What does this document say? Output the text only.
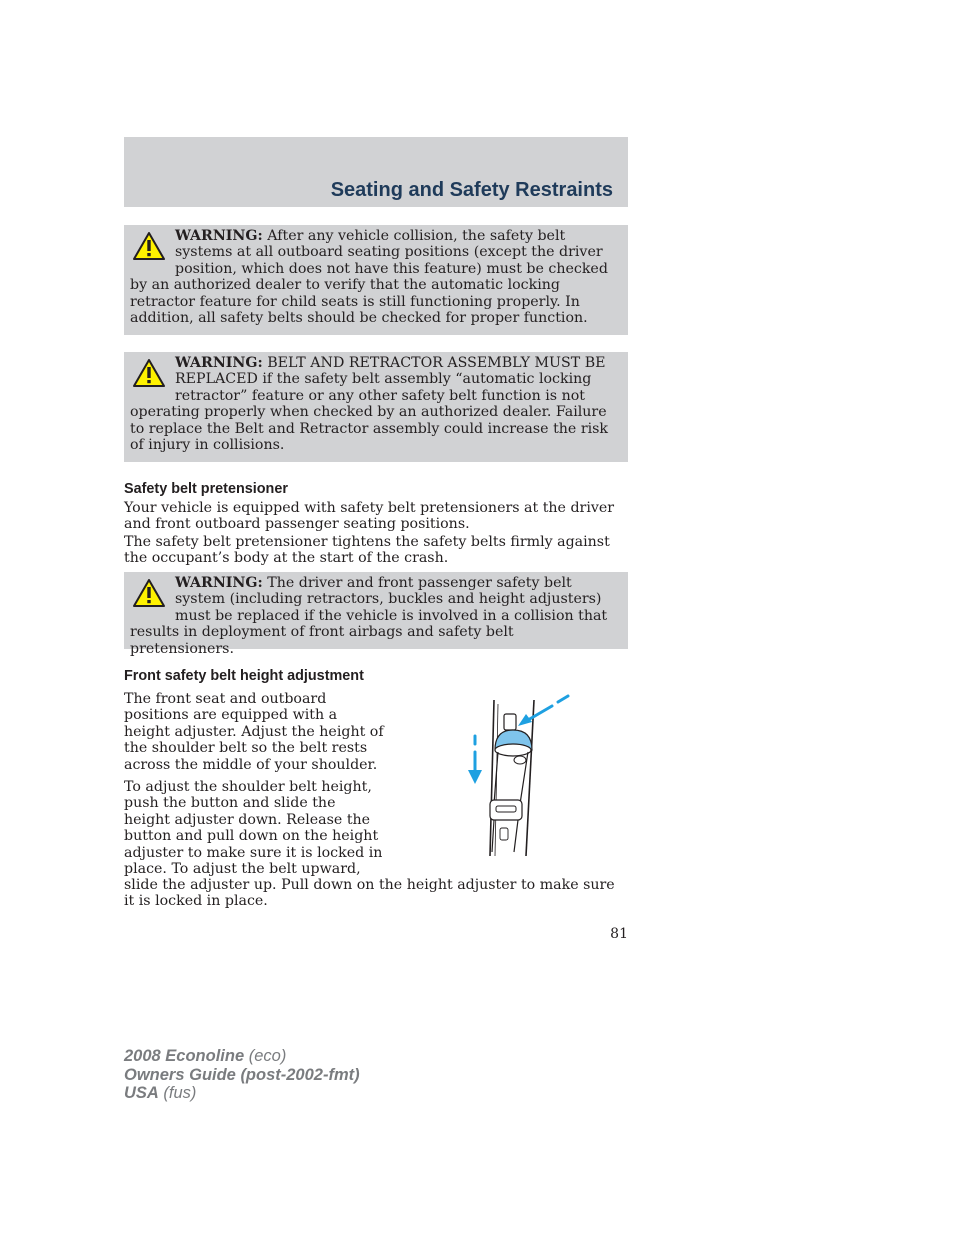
Seating and Safety Restraints
WARNING: After any vehicle collision, the safety belt systems at all outboard seating positions (except the driver position, which does not have this feature) must be checked by an authorized dealer to verify that the automatic locking retractor feature for child seats is still functioning properly. In addition, all safety belts should be checked for proper function.
WARNING: BELT AND RETRACTOR ASSEMBLY MUST BE REPLACED if the safety belt assembly “automatic locking retractor” feature or any other safety belt function is not operating properly when checked by an authorized dealer. Failure to replace the Belt and Retractor assembly could increase the risk of injury in collisions.
Safety belt pretensioner

Your vehicle is equipped with safety belt pretensioners at the driver and front outboard passenger seating positions.

The safety belt pretensioner tightens the safety belts firmly against the occupant’s body at the start of the crash.

WARNING: The driver and front passenger safety belt system (including retractors, buckles and height adjusters) must be replaced if the vehicle is involved in a collision that results in deployment of front airbags and safety belt pretensioners.
Front safety belt height adjustment

The front seat and outboard positions are equipped with a height adjuster. Adjust the height of the shoulder belt so the belt rests across the middle of your shoulder.

To adjust the shoulder belt height, push the button and slide the height adjuster down. Release the button and pull down on the height adjuster to make sure it is locked in place. To adjust the belt upward,

slide the adjuster up. Pull down on the height adjuster to make sure it is locked in place.

81
2008 Econoline (eco)
Owners Guide (post-2002-fmt)
USA (fus)
